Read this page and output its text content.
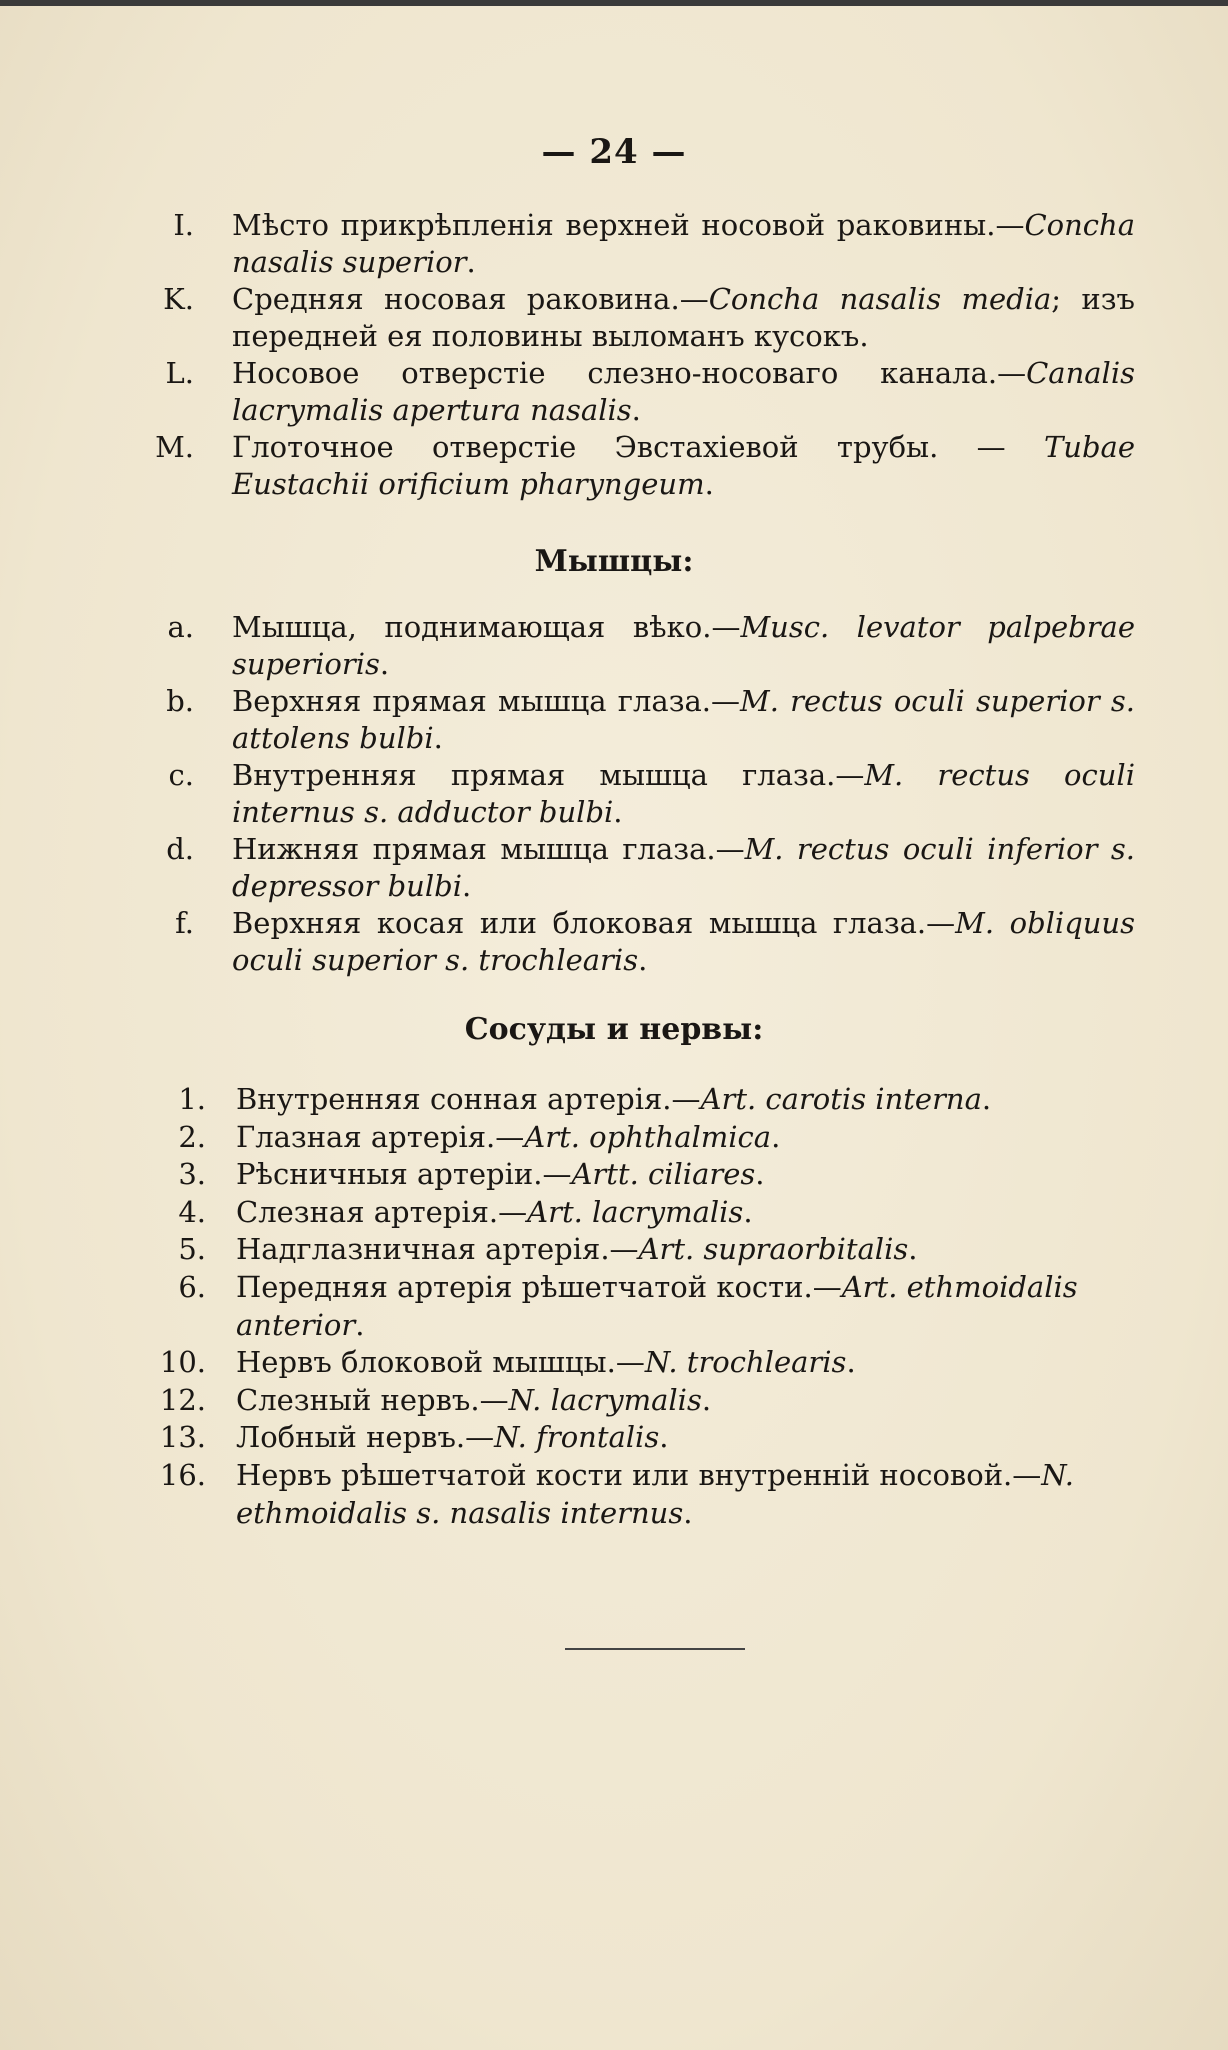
— 24 —
I. Мѣсто прикрѣпленія верхней носовой раковины.—Concha nasalis superior.
K. Средняя носовая раковина.—Concha nasalis media; изъ передней ея половины выломанъ кусокъ.
L. Носовое отверстіе слезно-носоваго канала.—Canalis lacrymalis apertura nasalis.
M. Глоточное отверстіе Эвстахіевой трубы. — Tubae Eustachii orificium pharyngeum.
Мышцы:
a. Мышца, поднимающая вѣко.—Musc. levator palpebrae superioris.
b. Верхняя прямая мышца глаза.—M. rectus oculi superior s. attolens bulbi.
c. Внутренняя прямая мышца глаза.—M. rectus oculi internus s. adductor bulbi.
d. Нижняя прямая мышца глаза.—M. rectus oculi inferior s. depressor bulbi.
f. Верхняя косая или блоковая мышца глаза.—M. obliquus oculi superior s. trochlearis.
Сосуды и нервы:
1. Внутренняя сонная артерія.—Art. carotis interna.
2. Глазная артерія.—Art. ophthalmica.
3. Рѣсничныя артеріи.—Artt. ciliares.
4. Слезная артерія.—Art. lacrymalis.
5. Надглазничная артерія.—Art. supraorbitalis.
6. Передняя артерія рѣшетчатой кости.—Art. ethmoidalis anterior.
10. Нервъ блоковой мышцы.—N. trochlearis.
12. Слезный нервъ.—N. lacrymalis.
13. Лобный нервъ.—N. frontalis.
16. Нервъ рѣшетчатой кости или внутренній носовой.—N. ethmoidalis s. nasalis internus.
